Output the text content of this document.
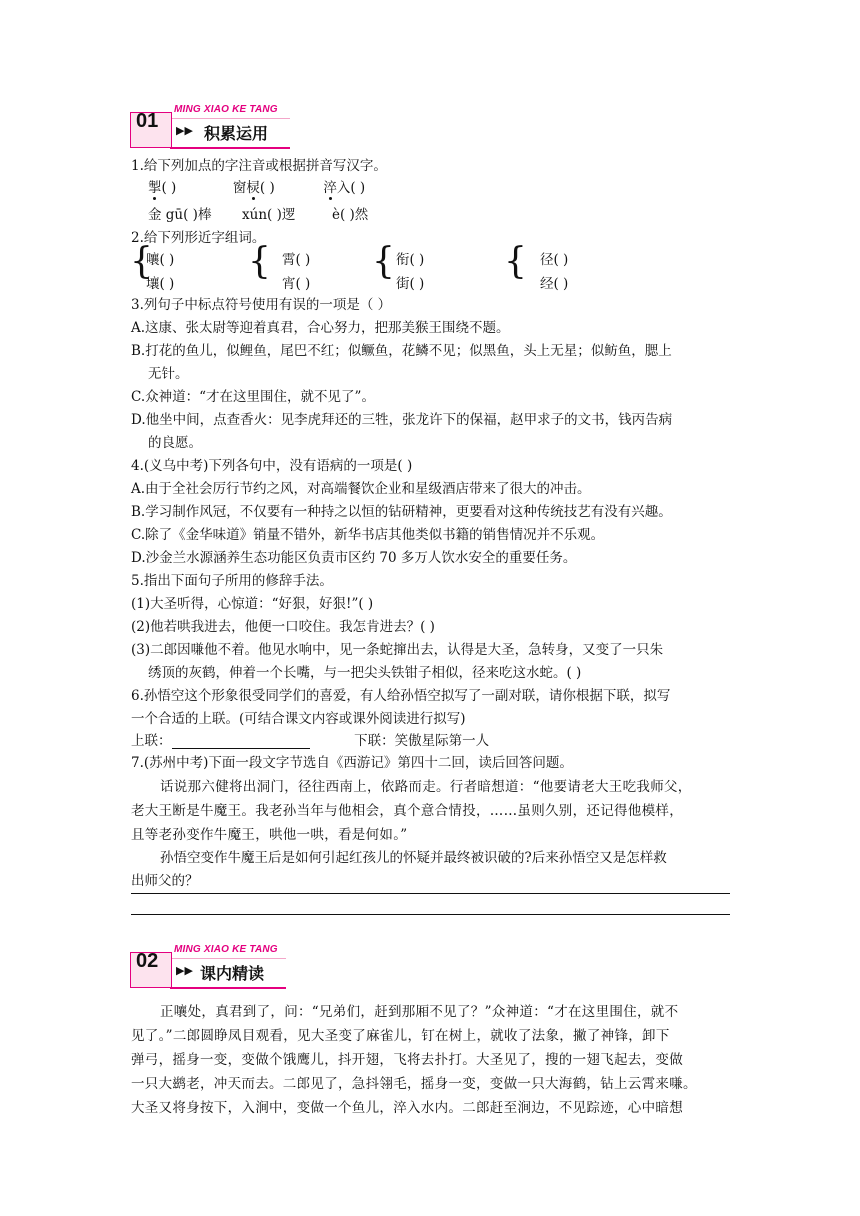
MING XIAO KE TANG
01 ▶▶ 积累运用
1.给下列加点的字注音或根据拼音写汉字。
掣( )	窗棂( )	淬入( )
金 gū( )棒 xún( )逻	è( )然
2.给下列形近字组词。
{
嚷( )
壤( )
{ 霄( )
宵( )
{ 衔( )
街( )
{ 径( )
经( )
3.列句子中标点符号使用有误的一项是（ ）
A.这康、张太尉等迎着真君，合心努力，把那美猴王围绕不题。
B.打花的鱼儿，似鲤鱼，尾巴不红；似鳜鱼，花鳞不见；似黑鱼，头上无星；似鲂鱼，腮上
无针。
C.众神道：“才在这里围住，就不见了”。
D.他坐中间，点查香火：见李虎拜还的三牲，张龙许下的保福，赵甲求子的文书，钱丙告病
的良愿。
4.(义乌中考)下列各句中，没有语病的一项是( )
A.由于全社会厉行节约之风，对高端餐饮企业和星级酒店带来了很大的冲击。
B.学习制作风冠，不仅要有一种持之以恒的钻研精神，更要看对这种传统技艺有没有兴趣。
C.除了《金华味道》销量不错外，新华书店其他类似书籍的销售情况并不乐观。
D.沙金兰水源涵养生态功能区负责市区约 70 多万人饮水安全的重要任务。
5.指出下面句子所用的修辞手法。
(1)大圣听得，心惊道：“好狠，好狠!”( )
(2)他若哄我进去，他便一口咬住。我怎肯进去？( )
(3)二郎因嗛他不着。他见水响中，见一条蛇撺出去，认得是大圣，急转身，又变了一只朱
绣顶的灰鹤，伸着一个长嘴，与一把尖头铁钳子相似，径来吃这水蛇。( )
6.孙悟空这个形象很受同学们的喜爱，有人给孙悟空拟写了一副对联，请你根据下联，拟写
一个合适的上联。(可结合课文内容或课外阅读进行拟写)
上联：	下联：笑傲星际第一人
7.(苏州中考)下面一段文字节选自《西游记》第四十二回，读后回答问题。
话说那六健将出洞门，径往西南上，依路而走。行者暗想道：“他要请老大王吃我师父，
老大王断是牛魔王。我老孙当年与他相会，真个意合情投，……虽则久别，还记得他模样，
且等老孙变作牛魔王，哄他一哄，看是何如。”
孙悟空变作牛魔王后是如何引起红孩儿的怀疑并最终被识破的?后来孙悟空又是怎样救
出师父的？
MING XIAO KE TANG
02 ▶▶ 课内精读
正嚷处，真君到了，问：“兄弟们，赶到那厢不见了？”众神道：“才在这里围住，就不
见了。”二郎圆睁凤目观看，见大圣变了麻雀儿，钉在树上，就收了法象，撇了神锋，卸下
弹弓，摇身一变，变做个饿鹰儿，抖开翅，飞将去扑打。大圣见了，搜的一翅飞起去，变做
一只大鹚老，冲天而去。二郎见了，急抖翎毛，摇身一变，变做一只大海鹤，钻上云霄来嗛。
大圣又将身按下，入涧中，变做一个鱼儿，淬入水内。二郎赶至涧边，不见踪迹，心中暗想
